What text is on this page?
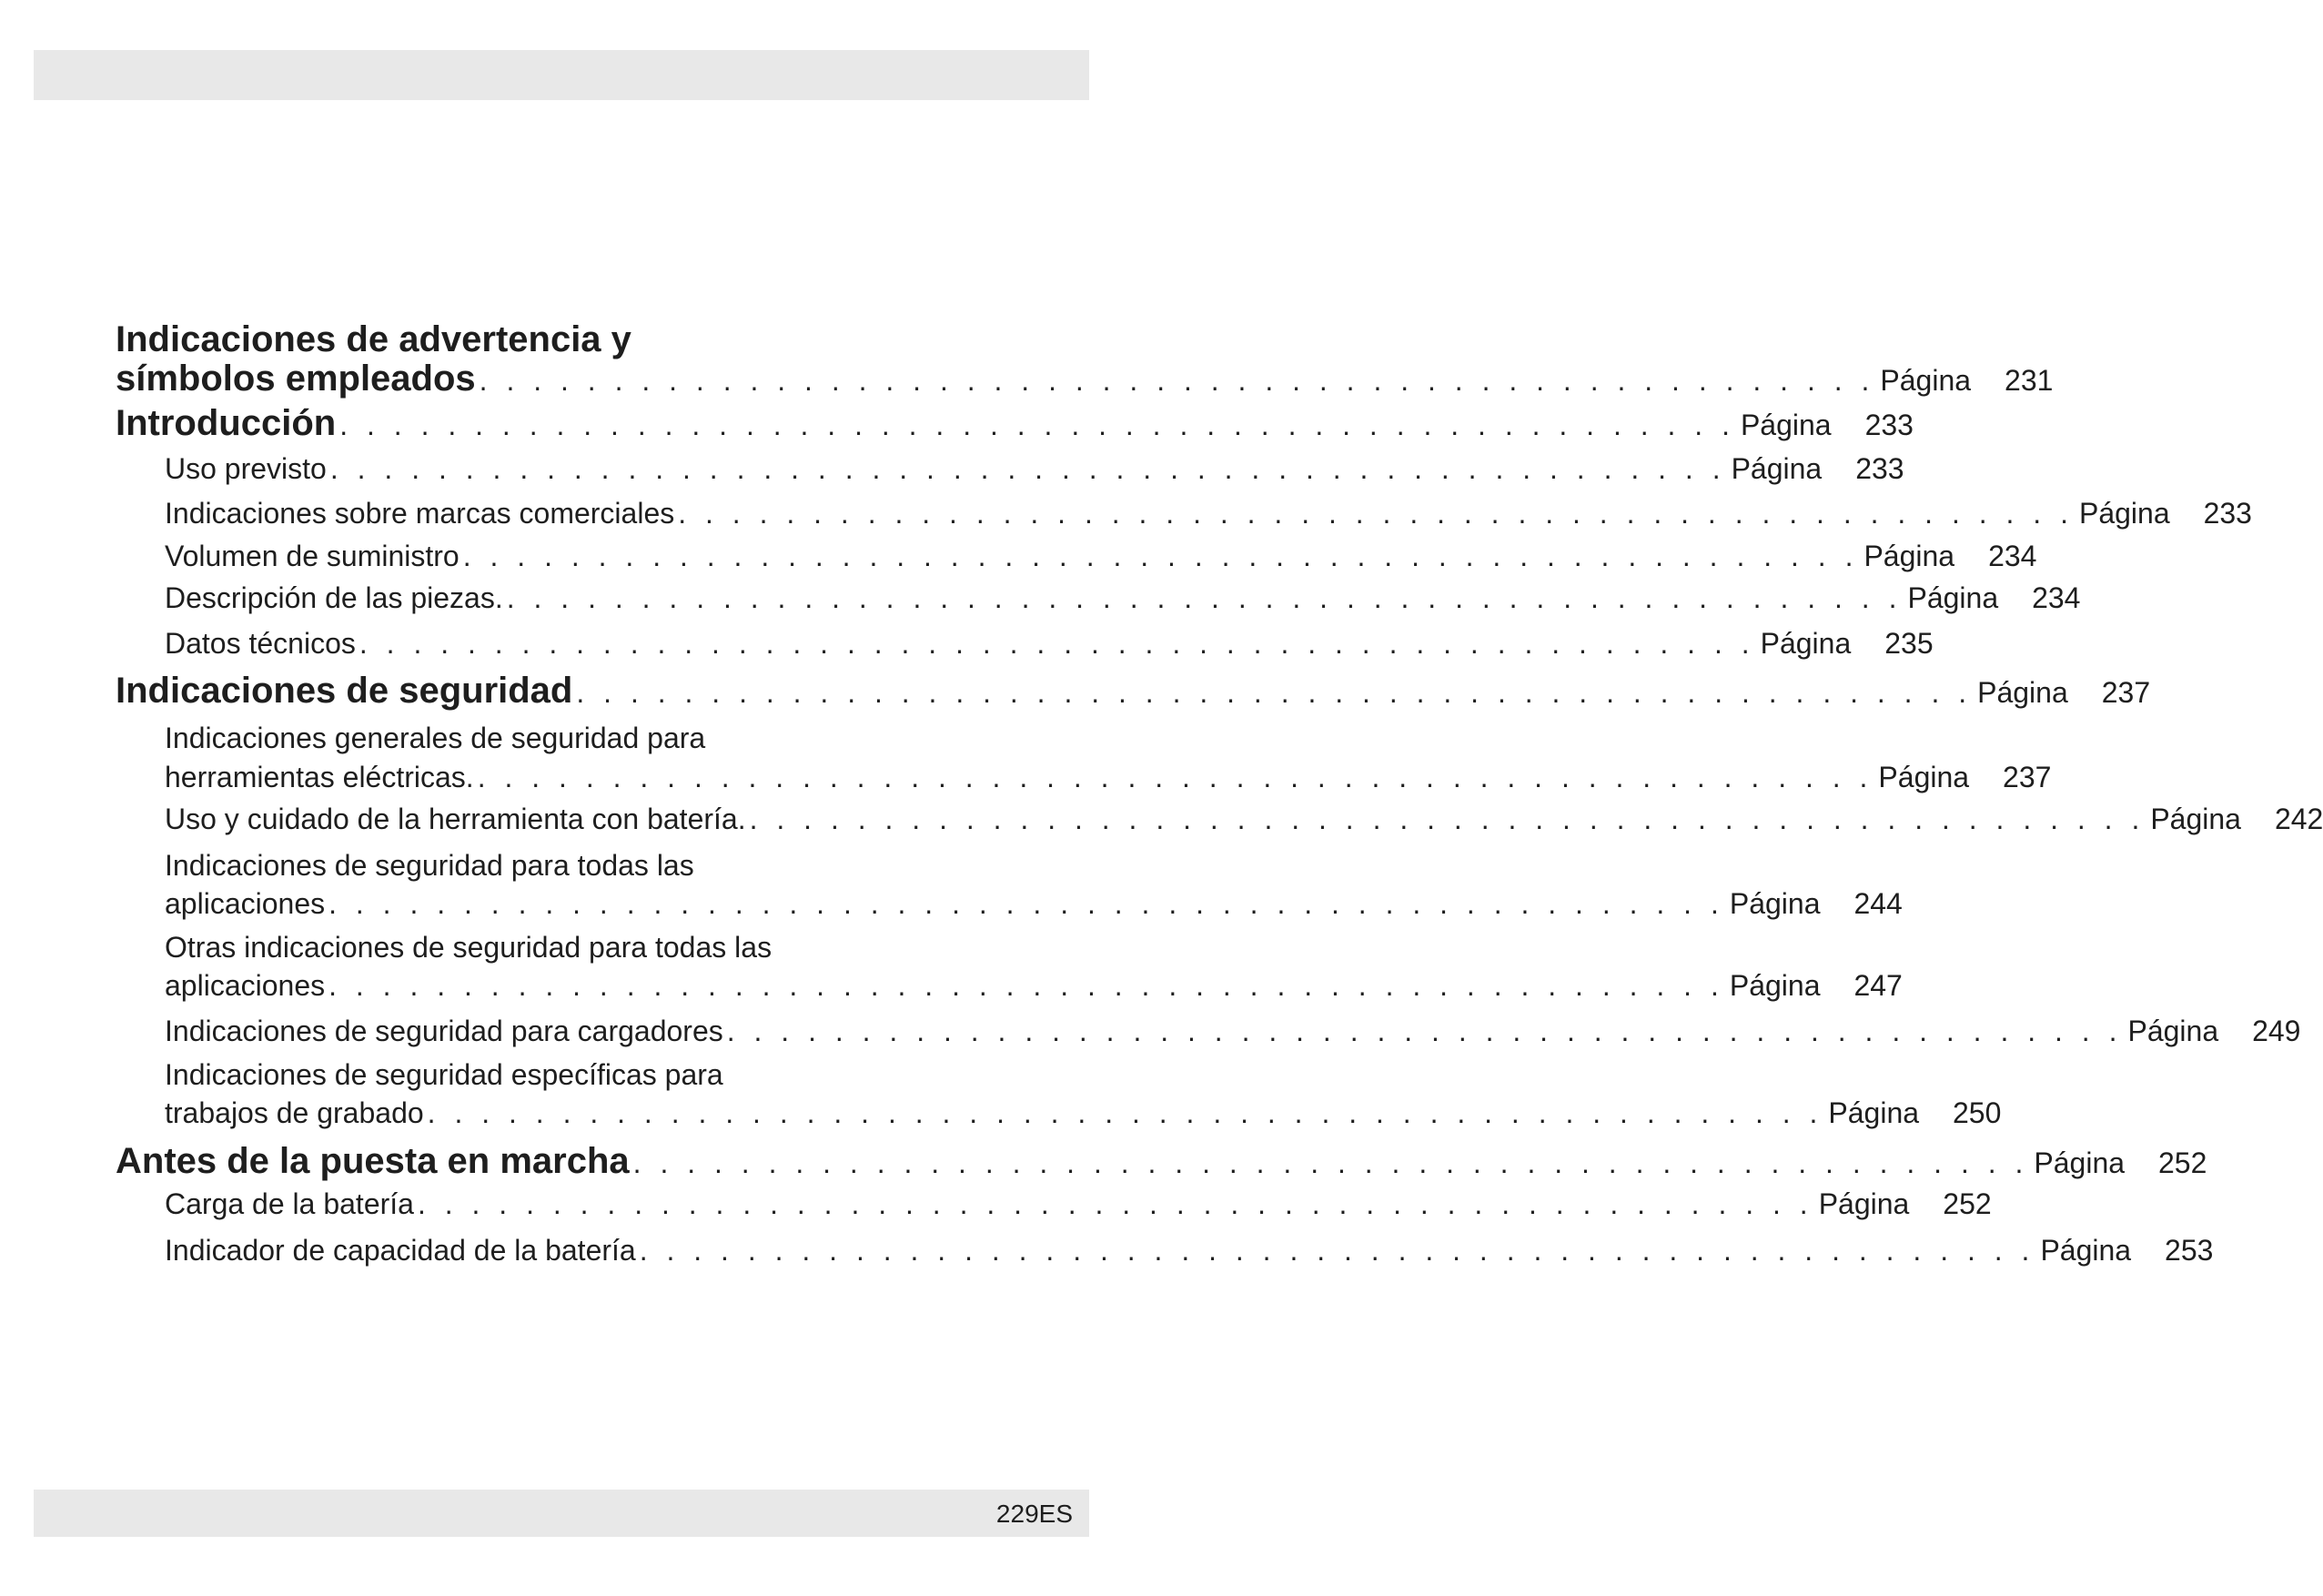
Indicaciones de advertencia y
símbolos empleados . . . . . . . . . . . . . . . . . . . . . . . . . . . . . . . . . . . . . . . . . . . . . . . . . . . . Página	231
Introducción . . . . . . . . . . . . . . . . . . . . . . . . . . . . . . . . . . . . . . . . . . . . . . . . . . . . Página	233
Uso previsto . . . . . . . . . . . . . . . . . . . . . . . . . . . . . . . . . . . . . . . . . . . . . . . . . . . . Página	233
Indicaciones sobre marcas comerciales . . . . . . . . . . . . . . . . . . . . . . . . . . . . . . . . . . . . . . . . . . . . . . . . . . . . Página	233
Volumen de suministro . . . . . . . . . . . . . . . . . . . . . . . . . . . . . . . . . . . . . . . . . . . . . . . . . . . . Página	234
Descripción de las piezas. . . . . . . . . . . . . . . . . . . . . . . . . . . . . . . . . . . . . . . . . . . . . . . . . . . . . Página	234
Datos técnicos . . . . . . . . . . . . . . . . . . . . . . . . . . . . . . . . . . . . . . . . . . . . . . . . . . . . Página	235
Indicaciones de seguridad . . . . . . . . . . . . . . . . . . . . . . . . . . . . . . . . . . . . . . . . . . . . . . . . . . . . Página	237
Indicaciones generales de seguridad para
herramientas eléctricas. . . . . . . . . . . . . . . . . . . . . . . . . . . . . . . . . . . . . . . . . . . . . . . . . . . . . Página	237
Uso y cuidado de la herramienta con batería. . . . . . . . . . . . . . . . . . . . . . . . . . . . . . . . . . . . . . . . . . . . . . . . . . . . . Página	242
Indicaciones de seguridad para todas las
aplicaciones . . . . . . . . . . . . . . . . . . . . . . . . . . . . . . . . . . . . . . . . . . . . . . . . . . . . Página	244
Otras indicaciones de seguridad para todas las
aplicaciones . . . . . . . . . . . . . . . . . . . . . . . . . . . . . . . . . . . . . . . . . . . . . . . . . . . . Página	247
Indicaciones de seguridad para cargadores . . . . . . . . . . . . . . . . . . . . . . . . . . . . . . . . . . . . . . . . . . . . . . . . . . . . Página	249
Indicaciones de seguridad específicas para
trabajos de grabado . . . . . . . . . . . . . . . . . . . . . . . . . . . . . . . . . . . . . . . . . . . . . . . . . . . . Página	250
Antes de la puesta en marcha . . . . . . . . . . . . . . . . . . . . . . . . . . . . . . . . . . . . . . . . . . . . . . . . . . . . Página	252
Carga de la batería . . . . . . . . . . . . . . . . . . . . . . . . . . . . . . . . . . . . . . . . . . . . . . . . . . . . Página	252
Indicador de capacidad de la batería . . . . . . . . . . . . . . . . . . . . . . . . . . . . . . . . . . . . . . . . . . . . . . . . . . . . Página	253
229ES
